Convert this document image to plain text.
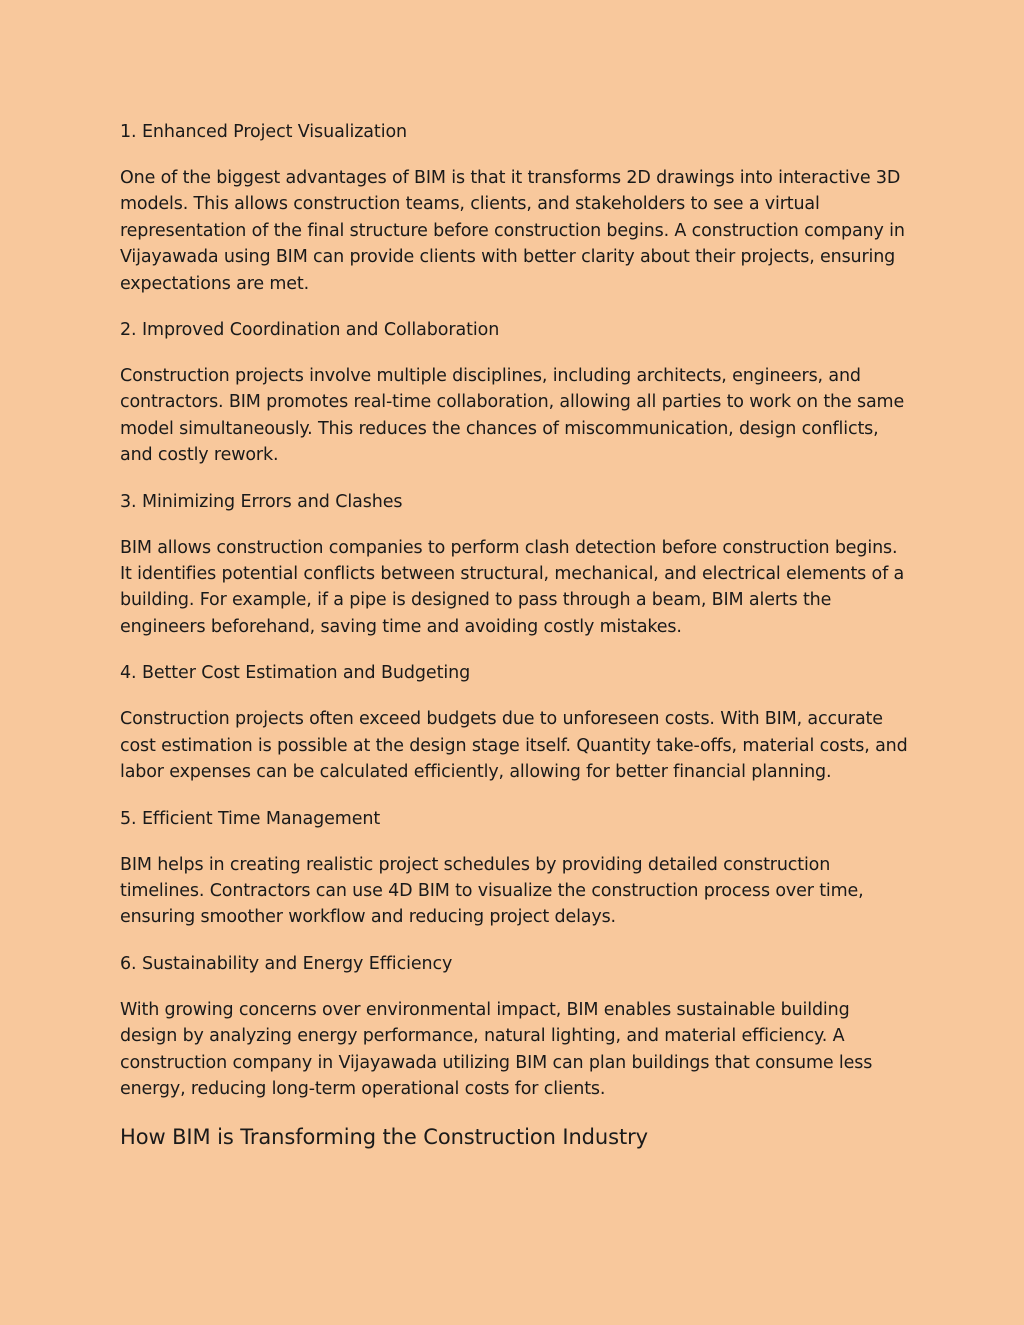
1. Enhanced Project Visualization
One of the biggest advantages of BIM is that it transforms 2D drawings into interactive 3D models. This allows construction teams, clients, and stakeholders to see a virtual representation of the final structure before construction begins. A construction company in Vijayawada using BIM can provide clients with better clarity about their projects, ensuring expectations are met.
2. Improved Coordination and Collaboration
Construction projects involve multiple disciplines, including architects, engineers, and contractors. BIM promotes real-time collaboration, allowing all parties to work on the same model simultaneously. This reduces the chances of miscommunication, design conflicts, and costly rework.
3. Minimizing Errors and Clashes
BIM allows construction companies to perform clash detection before construction begins. It identifies potential conflicts between structural, mechanical, and electrical elements of a building. For example, if a pipe is designed to pass through a beam, BIM alerts the engineers beforehand, saving time and avoiding costly mistakes.
4. Better Cost Estimation and Budgeting
Construction projects often exceed budgets due to unforeseen costs. With BIM, accurate cost estimation is possible at the design stage itself. Quantity take-offs, material costs, and labor expenses can be calculated efficiently, allowing for better financial planning.
5. Efficient Time Management
BIM helps in creating realistic project schedules by providing detailed construction timelines. Contractors can use 4D BIM to visualize the construction process over time, ensuring smoother workflow and reducing project delays.
6. Sustainability and Energy Efficiency
With growing concerns over environmental impact, BIM enables sustainable building design by analyzing energy performance, natural lighting, and material efficiency. A construction company in Vijayawada utilizing BIM can plan buildings that consume less energy, reducing long-term operational costs for clients.
How BIM is Transforming the Construction Industry
